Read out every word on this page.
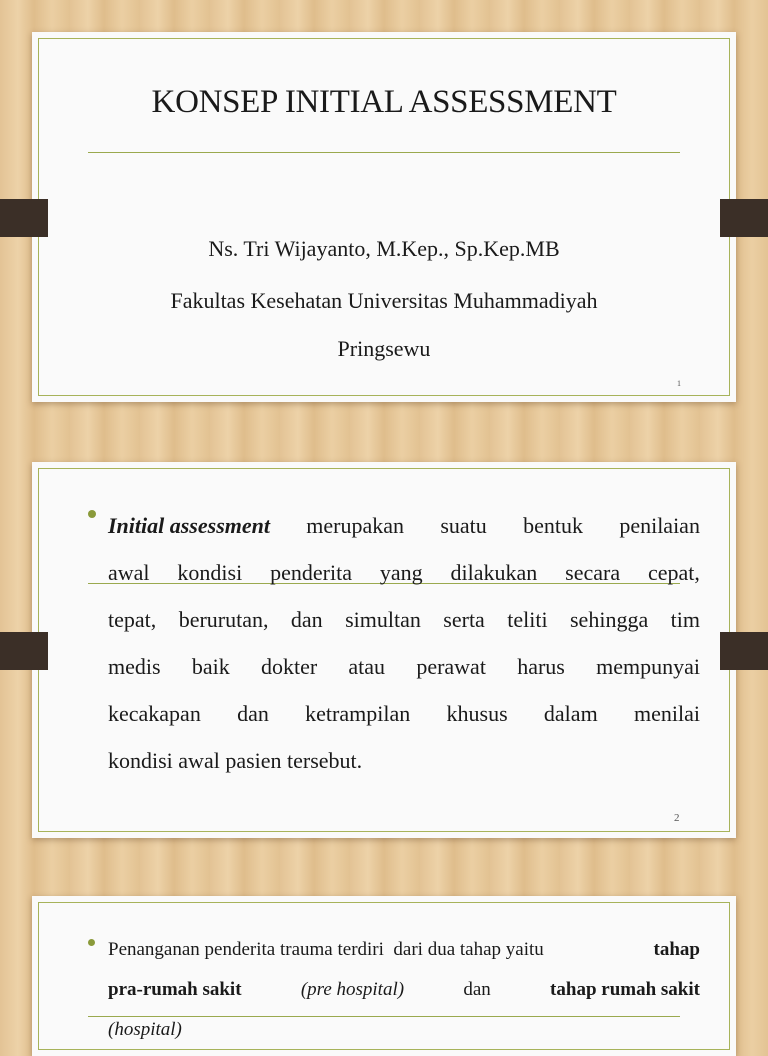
KONSEP INITIAL ASSESSMENT
Ns. Tri Wijayanto, M.Kep., Sp.Kep.MB
Fakultas Kesehatan Universitas Muhammadiyah
Pringsewu
1
Initial assessment merupakan suatu bentuk penilaian
awal kondisi penderita yang dilakukan secara cepat,
tepat, berurutan, dan simultan serta teliti sehingga tim
medis baik dokter atau perawat harus mempunyai
kecakapan dan ketrampilan khusus dalam menilai
kondisi awal pasien tersebut.
2
Penanganan penderita trauma terdiri  dari dua tahap yaitu	tahap
pra-rumah sakit	(pre hospital)	dan	tahap rumah sakit
(hospital)
